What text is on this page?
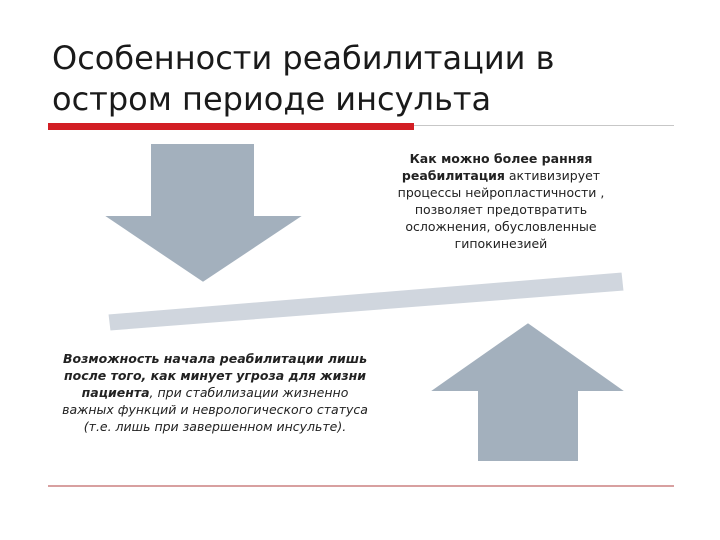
Особенности реабилитации в остром периоде инсульта
Как можно более ранняя реабилитация активизирует процессы нейропластичности , позволяет предотвратить осложнения, обусловленные гипокинезией
Возможность начала реабилитации лишь после того, как минует угроза для жизни пациента, при стабилизации жизненно важных функций и неврологического статуса (т.е. лишь при завершенном инсульте).
